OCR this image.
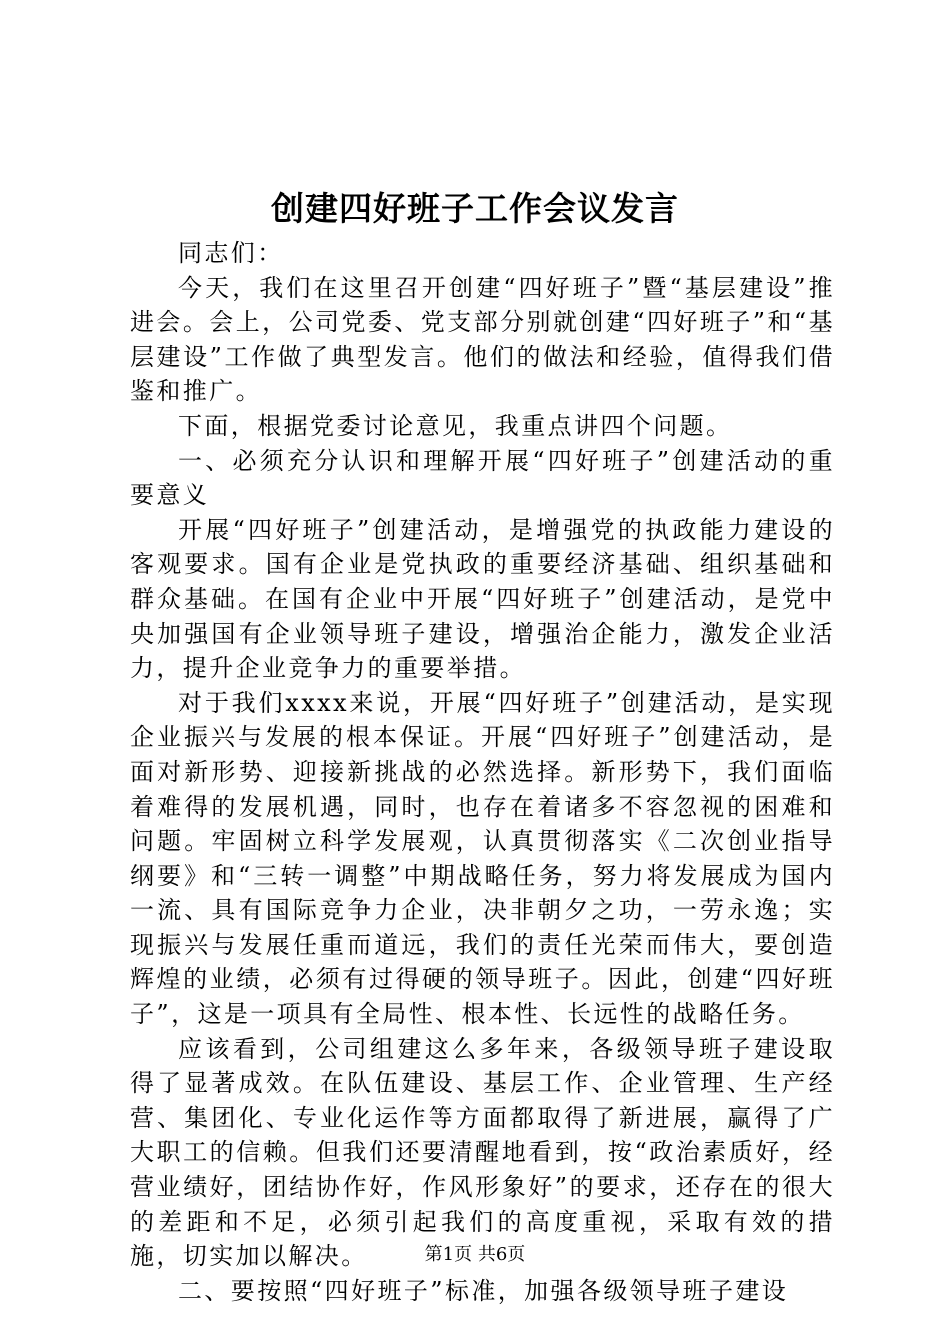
创建四好班子工作会议发言

同志们：

今天，我们在这里召开创建“四好班子”暨“基层建设”推进会。会上，公司党委、党支部分别就创建“四好班子”和“基层建设”工作做了典型发言。他们的做法和经验，值得我们借鉴和推广。

下面，根据党委讨论意见，我重点讲四个问题。

一、必须充分认识和理解开展“四好班子”创建活动的重要意义

开展“四好班子”创建活动，是增强党的执政能力建设的客观要求。国有企业是党执政的重要经济基础、组织基础和群众基础。在国有企业中开展“四好班子”创建活动，是党中央加强国有企业领导班子建设，增强治企能力，激发企业活力，提升企业竞争力的重要举措。

对于我们xxxx来说，开展“四好班子”创建活动，是实现企业振兴与发展的根本保证。开展“四好班子”创建活动，是面对新形势、迎接新挑战的必然选择。新形势下，我们面临着难得的发展机遇，同时，也存在着诸多不容忽视的困难和问题。牢固树立科学发展观，认真贯彻落实《二次创业指导纲要》和“三转一调整”中期战略任务，努力将发展成为国内一流、具有国际竞争力企业，决非朝夕之功，一劳永逸；实现振兴与发展任重而道远，我们的责任光荣而伟大，要创造辉煌的业绩，必须有过得硬的领导班子。因此，创建“四好班子”，这是一项具有全局性、根本性、长远性的战略任务。

应该看到，公司组建这么多年来，各级领导班子建设取得了显著成效。在队伍建设、基层工作、企业管理、生产经营、集团化、专业化运作等方面都取得了新进展，赢得了广大职工的信赖。但我们还要清醒地看到，按“政治素质好，经营业绩好，团结协作好，作风形象好”的要求，还存在的很大的差距和不足，必须引起我们的高度重视，采取有效的措施，切实加以解决。

二、要按照“四好班子”标准，加强各级领导班子建设

第1页 共6页
